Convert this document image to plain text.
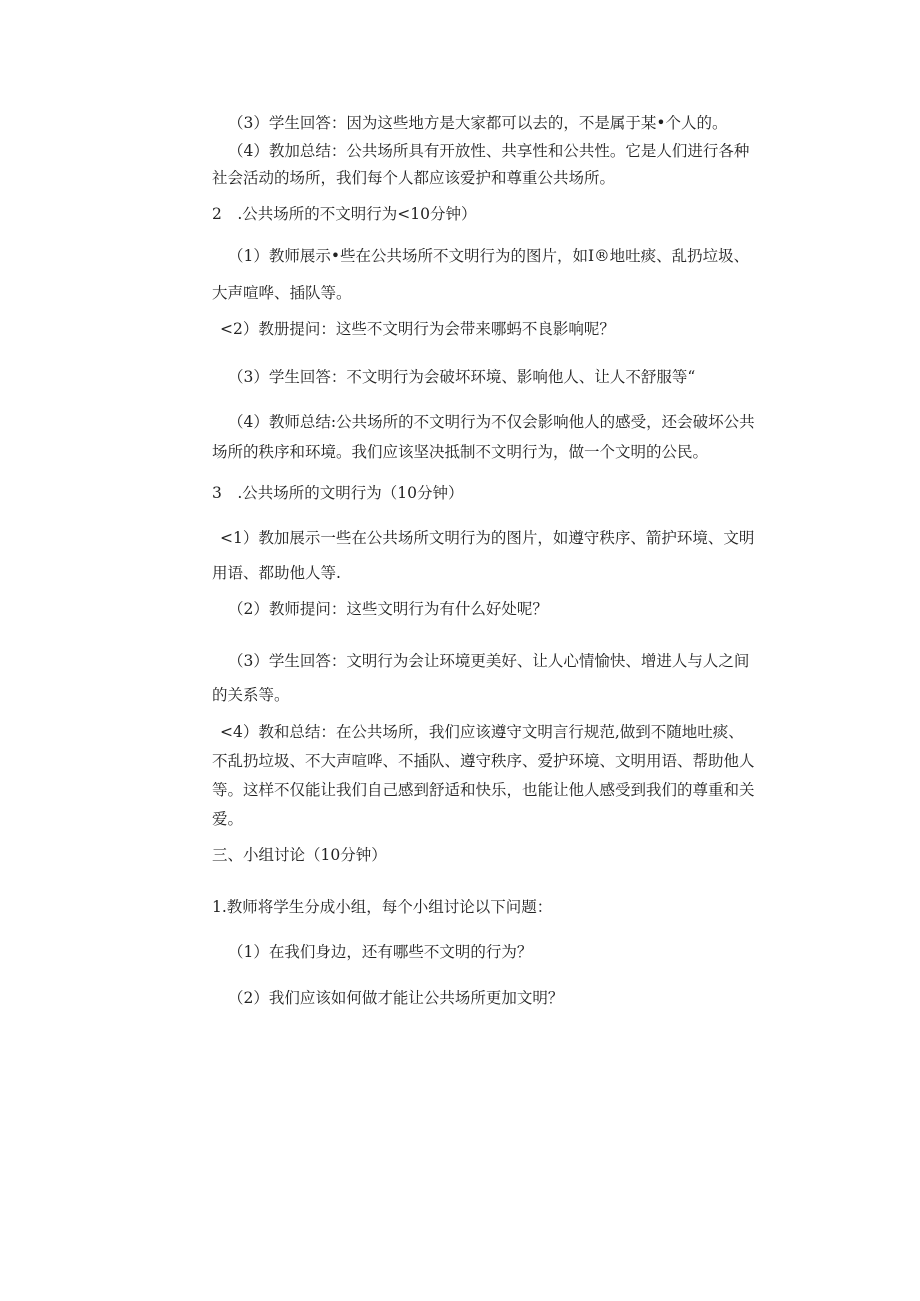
（3）学生回答：因为这些地方是大家都可以去的，不是属于某•个人的。
（4）教加总结：公共场所具有开放性、共享性和公共性。它是人们进行各种
社会活动的场所，我们每个人都应该爱护和尊重公共场所。
2　.公共场所的不文明行为<10分钟）
（1）教师展示•些在公共场所不文明行为的图片，如I®地吐痰、乱扔垃圾、
大声喧哗、插队等。
<2）教册提问：这些不文明行为会带来哪蚂不良影响呢？
（3）学生回答：不文明行为会破坏环境、影响他人、让人不舒服等“
（4）教师总结:公共场所的不文明行为不仅会影响他人的感受，还会破坏公共
场所的秩序和环境。我们应该坚决抵制不文明行为，做一个文明的公民。
3　.公共场所的文明行为（10分钟）
<1）教加展示一些在公共场所文明行为的图片，如遵守秩序、箭护环境、文明
用语、都助他人等.
（2）教师提问：这些文明行为有什么好处呢？
（3）学生回答：文明行为会让环境更美好、让人心情愉快、增进人与人之间
的关系等。
<4）教和总结：在公共场所，我们应该遵守文明言行规范,做到不随地吐痰、
不乱扔垃圾、不大声喧哗、不插队、遵守秩序、爱护环境、文明用语、帮助他人
等。这样不仅能让我们自己感到舒适和快乐，也能让他人感受到我们的尊重和关
爱。
三、小组讨论（10分钟）
1.教师将学生分成小组，每个小组讨论以下问题：
（1）在我们身边，还有哪些不文明的行为？
（2）我们应该如何做才能让公共场所更加文明？
